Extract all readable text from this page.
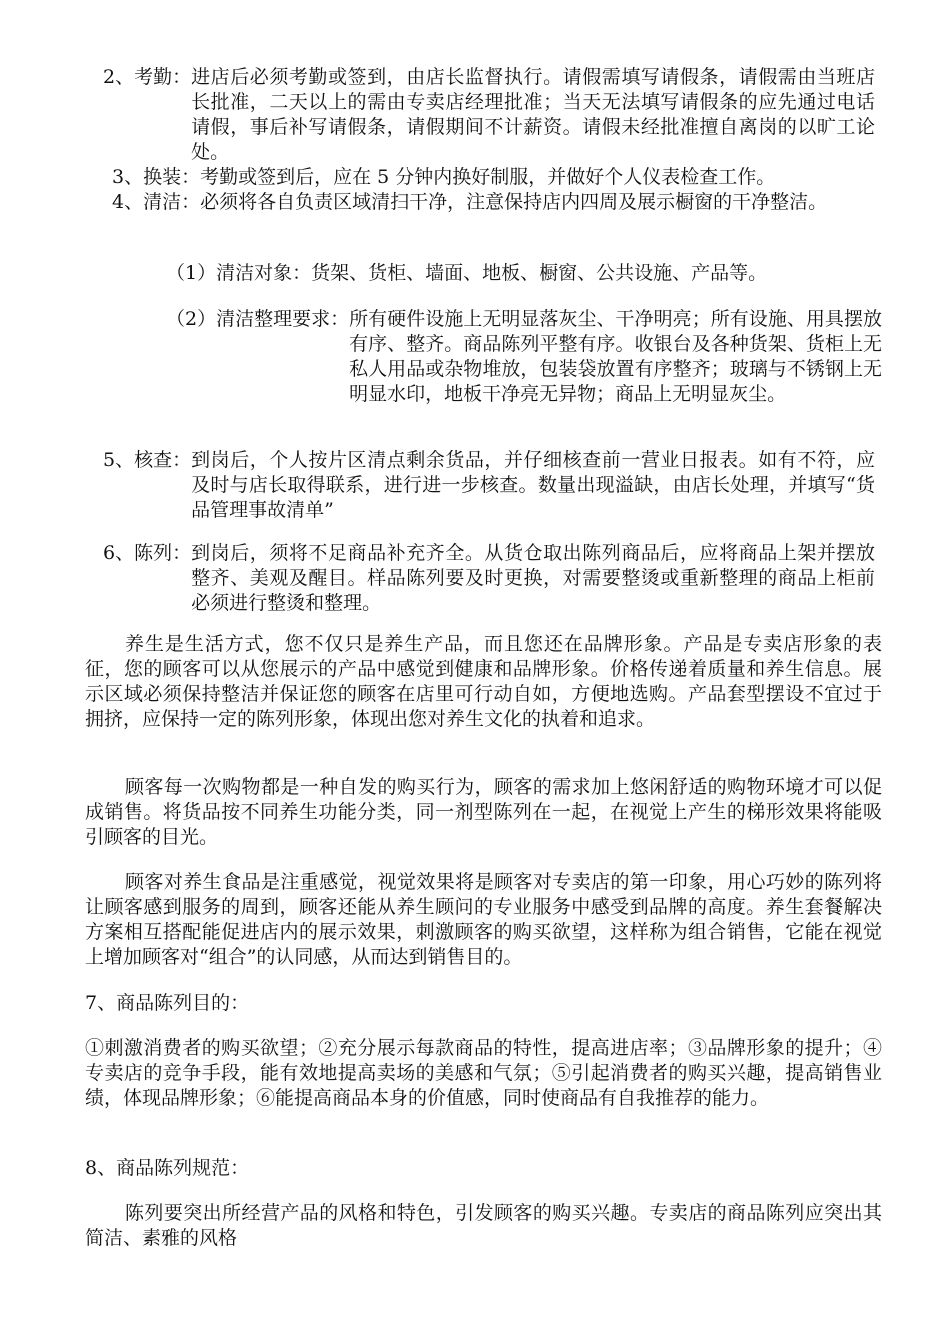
2、考勤： 进店后必须考勤或签到，由店长监督执行。请假需填写请假条，请假需由当班店长批准，二天以上的需由专卖店经理批准；当天无法填写请假条的应先通过电话请假，事后补写请假条，请假期间不计薪资。请假未经批准擅自离岗的以旷工论处。
3、换装： 考勤或签到后，应在 5 分钟内换好制服，并做好个人仪表检查工作。
4、清洁： 必须将各自负责区域清扫干净，注意保持店内四周及展示橱窗的干净整洁。
（1）清洁对象： 货架、货柜、墙面、地板、橱窗、公共设施、产品等。
（2）清洁整理要求： 所有硬件设施上无明显落灰尘、干净明亮；所有设施、用具摆放有序、整齐。商品陈列平整有序。收银台及各种货架、货柜上无私人用品或杂物堆放，包装袋放置有序整齐；玻璃与不锈钢上无明显水印，地板干净亮无异物；商品上无明显灰尘。
5、核查： 到岗后，个人按片区清点剩余货品，并仔细核查前一营业日报表。如有不符，应及时与店长取得联系，进行进一步核查。数量出现溢缺，由店长处理，并填写“货品管理事故清单”
6、陈列： 到岗后，须将不足商品补充齐全。从货仓取出陈列商品后，应将商品上架并摆放整齐、美观及醒目。样品陈列要及时更换，对需要整烫或重新整理的商品上柜前必须进行整烫和整理。
养生是生活方式，您不仅只是养生产品，而且您还在品牌形象。产品是专卖店形象的表征，您的顾客可以从您展示的产品中感觉到健康和品牌形象。价格传递着质量和养生信息。展示区域必须保持整洁并保证您的顾客在店里可行动自如，方便地选购。产品套型摆设不宜过于拥挤，应保持一定的陈列形象，体现出您对养生文化的执着和追求。
顾客每一次购物都是一种自发的购买行为，顾客的需求加上悠闲舒适的购物环境才可以促成销售。将货品按不同养生功能分类，同一剂型陈列在一起，在视觉上产生的梯形效果将能吸引顾客的目光。
顾客对养生食品是注重感觉，视觉效果将是顾客对专卖店的第一印象，用心巧妙的陈列将让顾客感到服务的周到，顾客还能从养生顾问的专业服务中感受到品牌的高度。养生套餐解决方案相互搭配能促进店内的展示效果，刺激顾客的购买欲望，这样称为组合销售，它能在视觉上增加顾客对“组合”的认同感，从而达到销售目的。
7、商品陈列目的：
①刺激消费者的购买欲望；②充分展示每款商品的特性，提高进店率；③品牌形象的提升；④专卖店的竞争手段，能有效地提高卖场的美感和气氛；⑤引起消费者的购买兴趣，提高销售业绩，体现品牌形象；⑥能提高商品本身的价值感，同时使商品有自我推荐的能力。
8、商品陈列规范：
陈列要突出所经营产品的风格和特色，引发顾客的购买兴趣。专卖店的商品陈列应突出其简洁、素雅的风格
